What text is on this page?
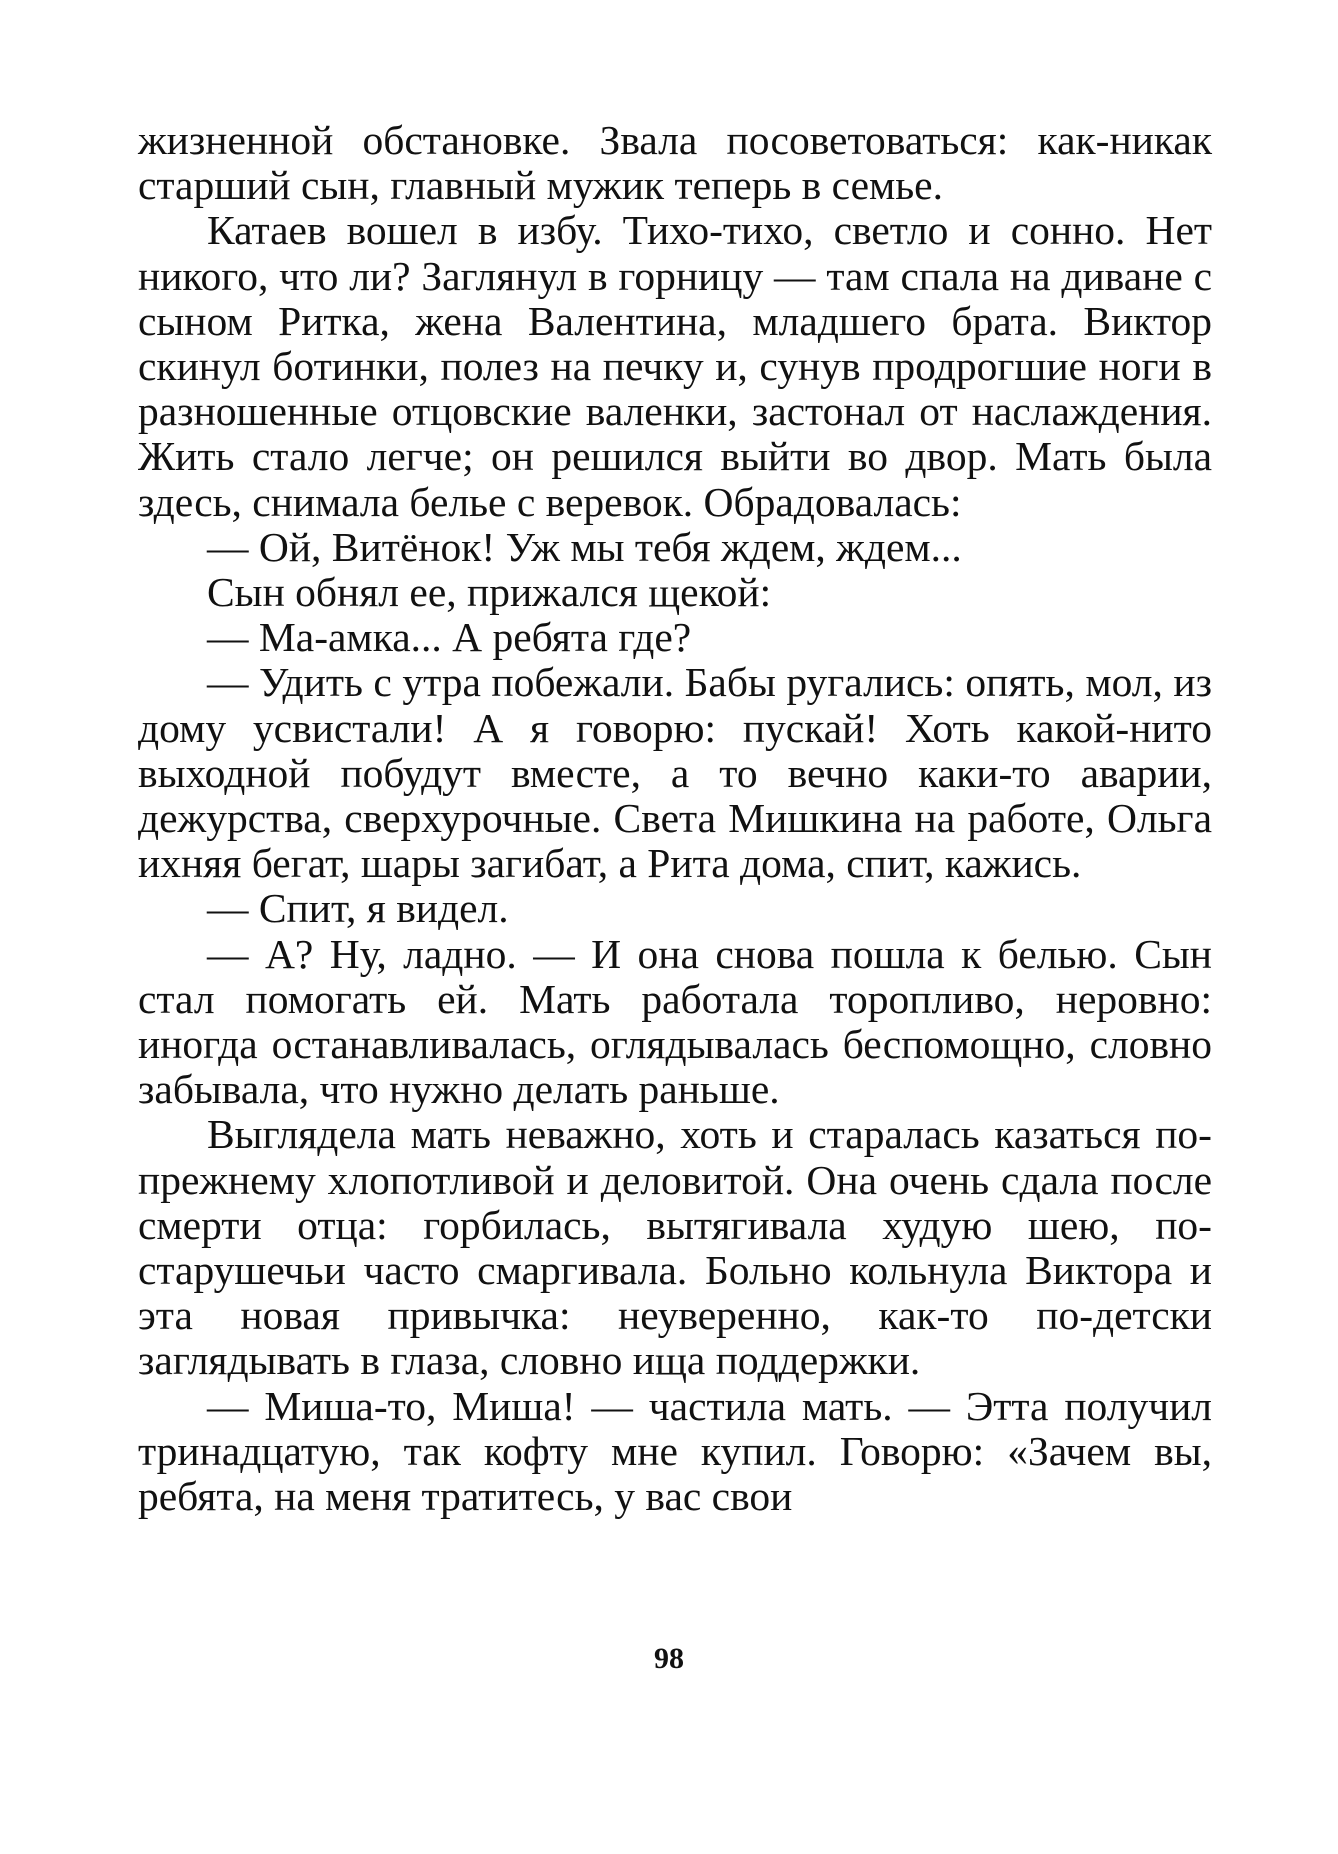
жизненной обстановке. Звала посоветоваться: как-никак старший сын, главный мужик теперь в семье.

Катаев вошел в избу. Тихо-тихо, светло и сонно. Нет никого, что ли? Заглянул в горницу — там спала на диване с сыном Ритка, жена Валентина, младшего брата. Виктор скинул ботинки, полез на печку и, сунув продрогшие ноги в разношенные отцовские валенки, застонал от наслаждения. Жить стало легче; он решился выйти во двор. Мать была здесь, снимала белье с веревок. Обрадовалась:

— Ой, Витёнок! Уж мы тебя ждем, ждем...

Сын обнял ее, прижался щекой:

— Ма-амка... А ребята где?

— Удить с утра побежали. Бабы ругались: опять, мол, из дому усвистали! А я говорю: пускай! Хоть какой-нито выходной побудут вместе, а то вечно каки-то аварии, дежурства, сверхурочные. Света Мишкина на работе, Ольга ихняя бегат, шары загибат, а Рита дома, спит, кажись.

— Спит, я видел.

— А? Ну, ладно. — И она снова пошла к белью. Сын стал помогать ей. Мать работала торопливо, неровно: иногда останавливалась, оглядывалась беспомощно, словно забывала, что нужно делать раньше.

Выглядела мать неважно, хоть и старалась казаться по-прежнему хлопотливой и деловитой. Она очень сдала после смерти отца: горбилась, вытягивала худую шею, по-старушечьи часто смаргивала. Больно кольнула Виктора и эта новая привычка: неуверенно, как-то по-детски заглядывать в глаза, словно ища поддержки.

— Миша-то, Миша! — частила мать. — Этта получил тринадцатую, так кофту мне купил. Говорю: «Зачем вы, ребята, на меня тратитесь, у вас свои

98
